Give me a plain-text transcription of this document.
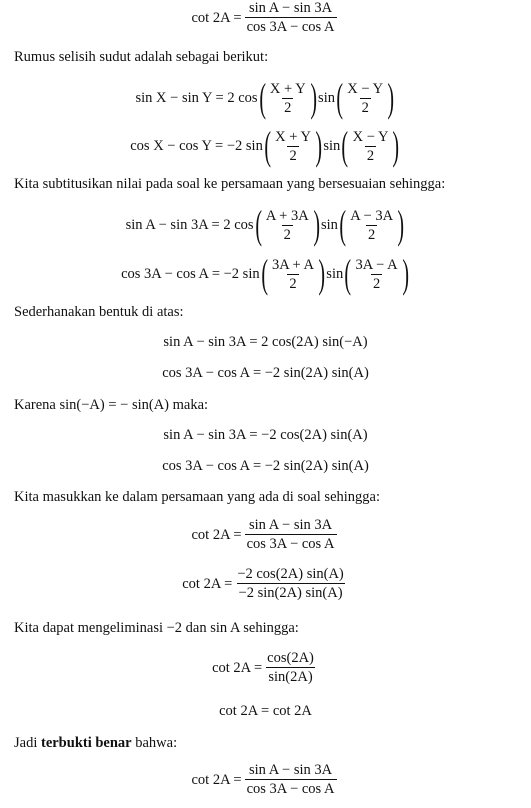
$\cot 2A = \frac{\text{sin A − sin 3A}}{\text{cos 3A − cos A}}$
Rumus selisih sudut adalah sebagai berikut:
sin X − sin Y = 2 cos ( $\frac{X + Y}{2}$ ) sin ( $\frac{X - Y}{2}$ )
cos X − cos Y = −2 sin ( $\frac{X + Y}{2}$ ) sin ( $\frac{X - Y}{2}$ )
Kita subtitusikan nilai pada soal ke persamaan yang bersesuaian sehingga:
sin A − sin 3A = 2 cos ( $\frac{A + 3A}{2}$ ) sin ( $\frac{A - 3A}{2}$ )
cos 3A − cos A = −2 sin ( $\frac{3A + A}{2}$ ) sin ( $\frac{3A - A}{2}$ )
Sederhanakan bentuk di atas:
sin A − sin 3A = 2 cos(2A) sin(−A)
cos 3A − cos A = −2 sin(2A) sin(A)
Karena sin(−A) = − sin(A) maka:
sin A − sin 3A = −2 cos(2A) sin(A)
cos 3A − cos A = −2 sin(2A) sin(A)
Kita masukkan ke dalam persamaan yang ada di soal sehingga:
$\cot 2A = \frac{\text{sin A − sin 3A}}{\text{cos 3A − cos A}}$
$\cot 2A = \frac{-2 \cos(2A) \sin(A)}{-2 \sin(2A) \sin(A)}$
Kita dapat mengeliminasi −2 dan sin A sehingga:
$\cot 2A = \frac{\cos(2A)}{\sin(2A)}$
cot 2A = cot 2A
Jadi terbukti benar bahwa:
$\cot 2A = \frac{\text{sin A − sin 3A}}{\text{cos 3A − cos A}}$
